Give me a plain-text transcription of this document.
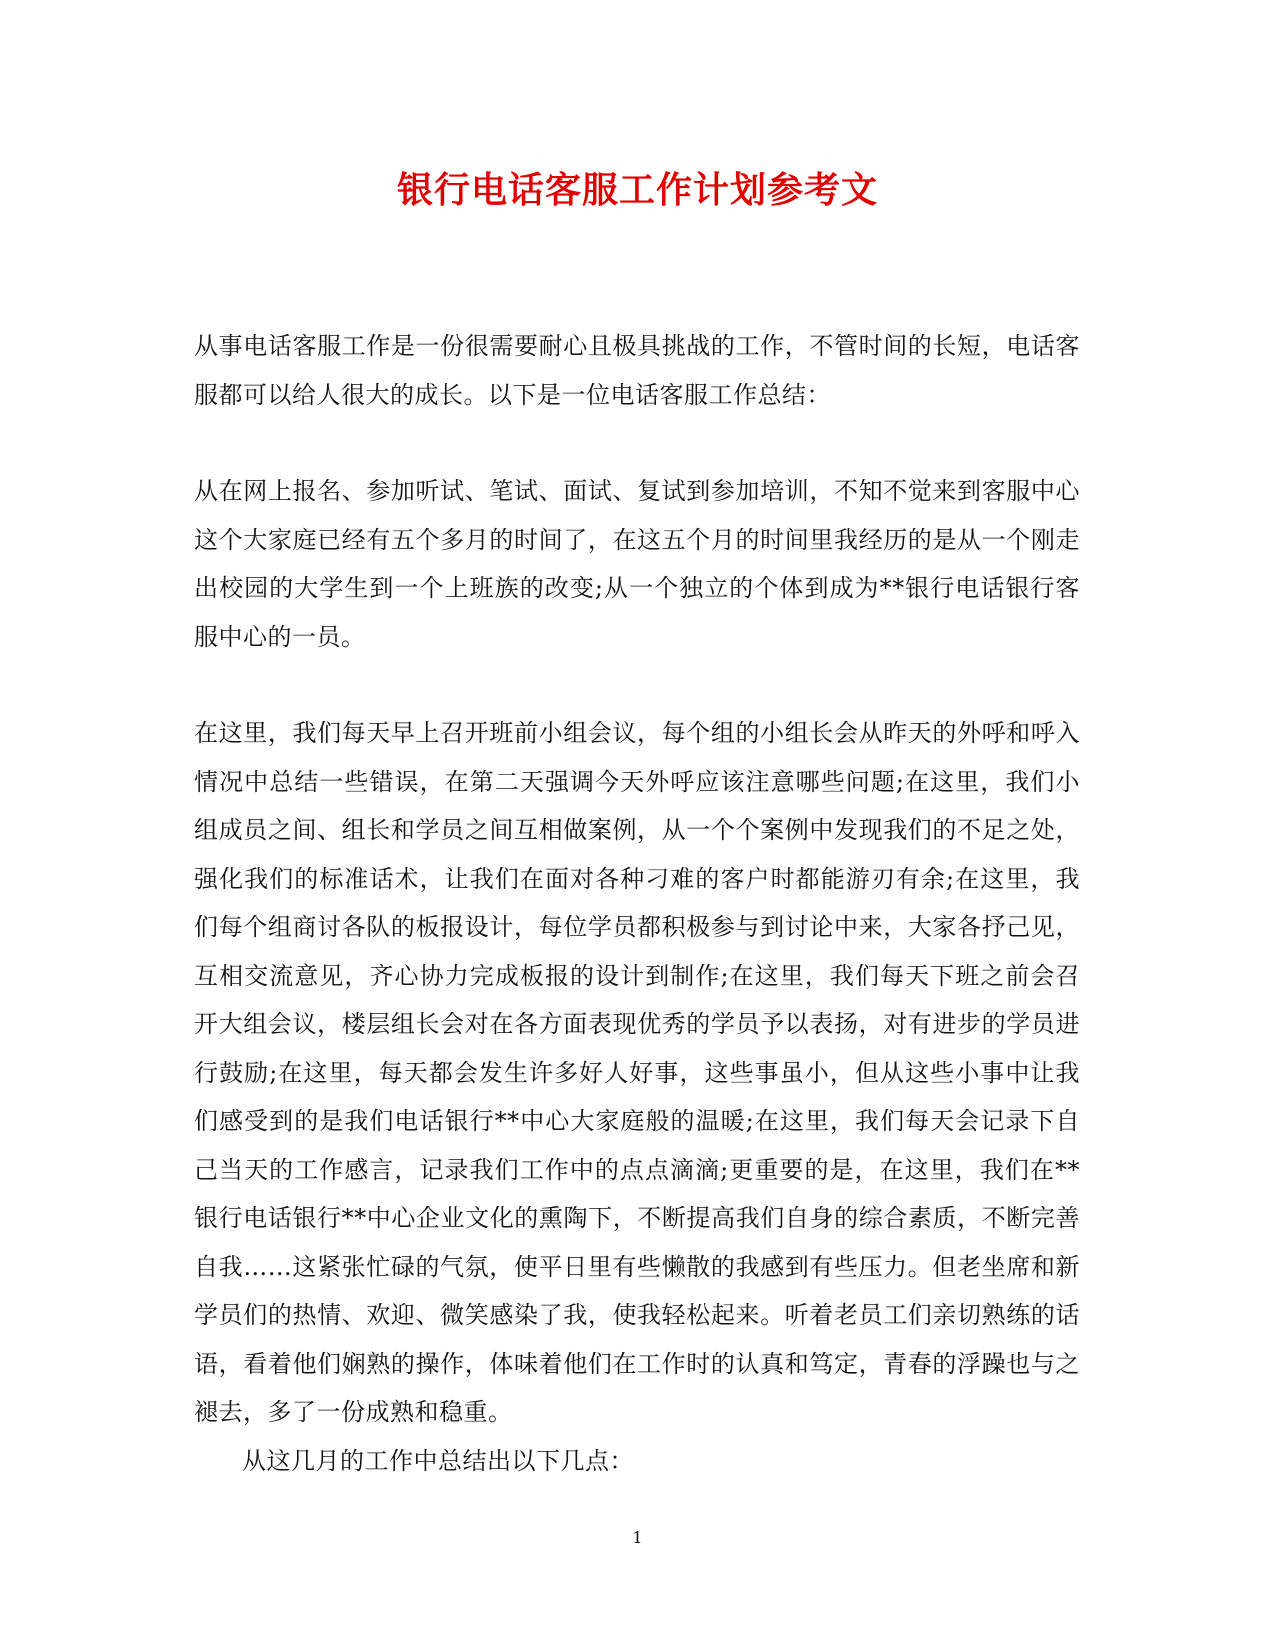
银行电话客服工作计划参考文

从事电话客服工作是一份很需要耐心且极具挑战的工作，不管时间的长短，电话客服都可以给人很大的成长。以下是一位电话客服工作总结：

从在网上报名、参加听试、笔试、面试、复试到参加培训，不知不觉来到客服中心这个大家庭已经有五个多月的时间了，在这五个月的时间里我经历的是从一个刚走出校园的大学生到一个上班族的改变;从一个独立的个体到成为**银行电话银行客服中心的一员。

在这里，我们每天早上召开班前小组会议，每个组的小组长会从昨天的外呼和呼入情况中总结一些错误，在第二天强调今天外呼应该注意哪些问题;在这里，我们小组成员之间、组长和学员之间互相做案例，从一个个案例中发现我们的不足之处，强化我们的标准话术，让我们在面对各种刁难的客户时都能游刃有余;在这里，我们每个组商讨各队的板报设计，每位学员都积极参与到讨论中来，大家各抒己见，互相交流意见，齐心协力完成板报的设计到制作;在这里，我们每天下班之前会召开大组会议，楼层组长会对在各方面表现优秀的学员予以表扬，对有进步的学员进行鼓励;在这里，每天都会发生许多好人好事，这些事虽小，但从这些小事中让我们感受到的是我们电话银行**中心大家庭般的温暖;在这里，我们每天会记录下自己当天的工作感言，记录我们工作中的点点滴滴;更重要的是，在这里，我们在**银行电话银行**中心企业文化的熏陶下，不断提高我们自身的综合素质，不断完善自我……这紧张忙碌的气氛，使平日里有些懒散的我感到有些压力。但老坐席和新学员们的热情、欢迎、微笑感染了我，使我轻松起来。听着老员工们亲切熟练的话语，看着他们娴熟的操作，体味着他们在工作时的认真和笃定，青春的浮躁也与之褪去，多了一份成熟和稳重。

从这几月的工作中总结出以下几点：

1
